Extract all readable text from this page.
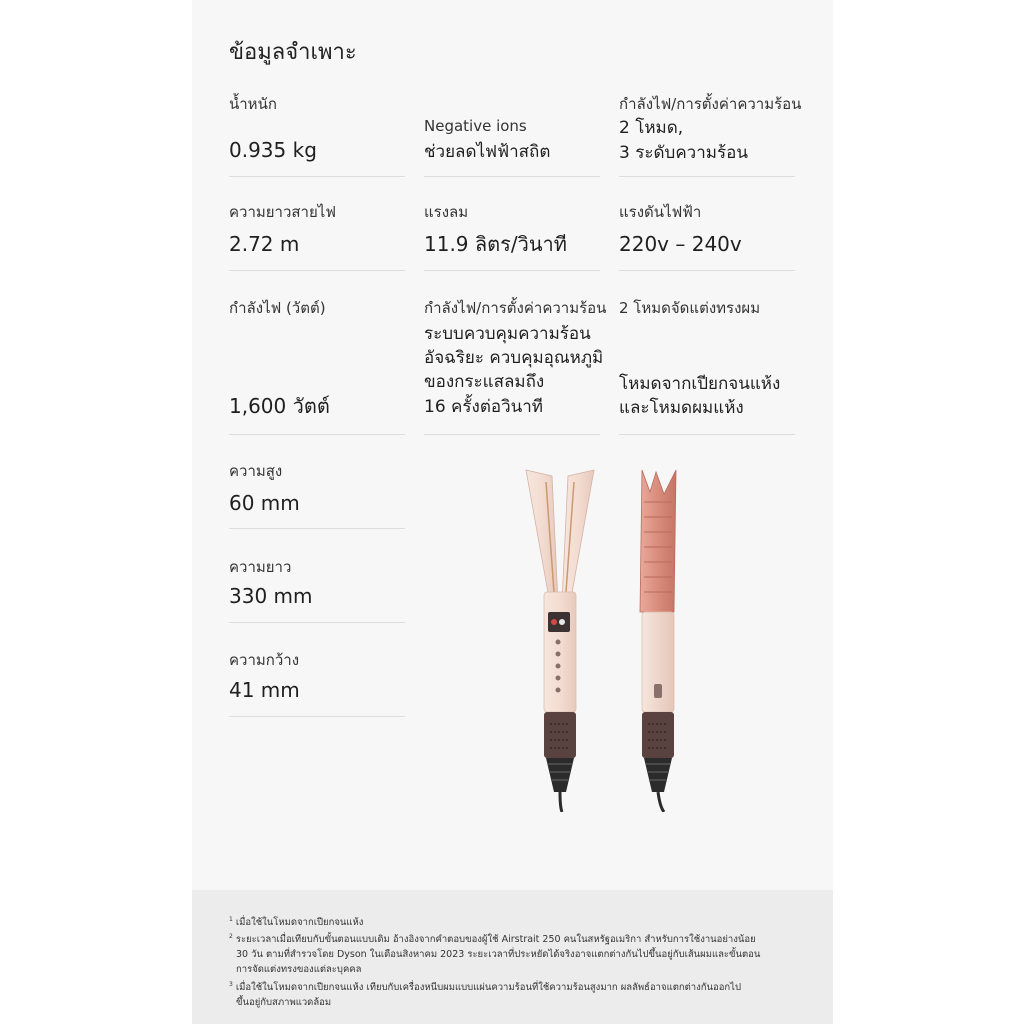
ข้อมูลจำเพาะ
น้ำหนัก
0.935 kg
Negative ions
ช่วยลดไฟฟ้าสถิต
กำลังไฟ/การตั้งค่าความร้อน
2 โหมด,
3 ระดับความร้อน
ความยาวสายไฟ
2.72 m
แรงลม
11.9 ลิตร/วินาที
แรงดันไฟฟ้า
220v – 240v
กำลังไฟ (วัตต์)
1,600 วัตต์
กำลังไฟ/การตั้งค่าความร้อน
ระบบควบคุมความร้อน
อัจฉริยะ ควบคุมอุณหภูมิ
ของกระแสลมถึง
16 ครั้งต่อวินาที
2 โหมดจัดแต่งทรงผม
โหมดจากเปียกจนแห้ง
และโหมดผมแห้ง
ความสูง
60 mm
ความยาว
330 mm
ความกว้าง
41 mm
$^1$ เมื่อใช้ในโหมดจากเปียกจนแห้ง
$^2$ ระยะเวลาเมื่อเทียบกับขั้นตอนแบบเดิม อ้างอิงจากคำตอบของผู้ใช้ Airstrait 250 คนในสหรัฐอเมริกา สำหรับการใช้งานอย่างน้อย
30 วัน ตามที่สำรวจโดย Dyson ในเดือนสิงหาคม 2023 ระยะเวลาที่ประหยัดได้จริงอาจแตกต่างกันไปขึ้นอยู่กับเส้นผมและขั้นตอน
การจัดแต่งทรงของแต่ละบุคคล
$^3$ เมื่อใช้ในโหมดจากเปียกจนแห้ง เทียบกับเครื่องหนีบผมแบบแผ่นความร้อนที่ใช้ความร้อนสูงมาก ผลลัพธ์อาจแตกต่างกันออกไป
ขึ้นอยู่กับสภาพแวดล้อม
